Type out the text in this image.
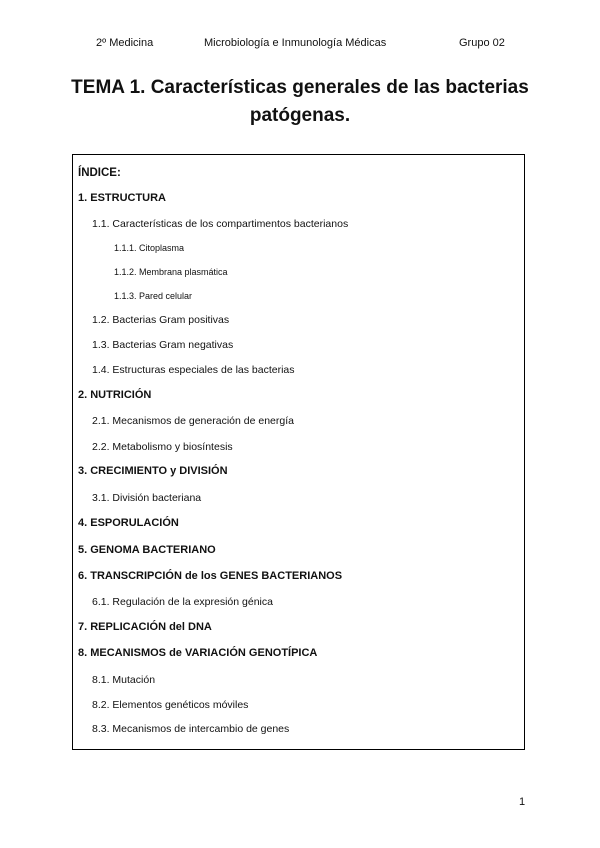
2º Medicina	Microbiología e Inmunología Médicas	Grupo 02
TEMA 1. Características generales de las bacterias patógenas.
ÍNDICE:
1. ESTRUCTURA
1.1. Características de los compartimentos bacterianos
1.1.1. Citoplasma
1.1.2. Membrana plasmática
1.1.3. Pared celular
1.2. Bacterias Gram positivas
1.3. Bacterias Gram negativas
1.4. Estructuras especiales de las bacterias
2. NUTRICIÓN
2.1. Mecanismos de generación de energía
2.2. Metabolismo y biosíntesis
3. CRECIMIENTO y DIVISIÓN
3.1. División bacteriana
4. ESPORULACIÓN
5. GENOMA BACTERIANO
6. TRANSCRIPCIÓN de los GENES BACTERIANOS
6.1. Regulación de la expresión génica
7. REPLICACIÓN del DNA
8. MECANISMOS de VARIACIÓN GENOTÍPICA
8.1. Mutación
8.2. Elementos genéticos móviles
8.3. Mecanismos de intercambio de genes
1
